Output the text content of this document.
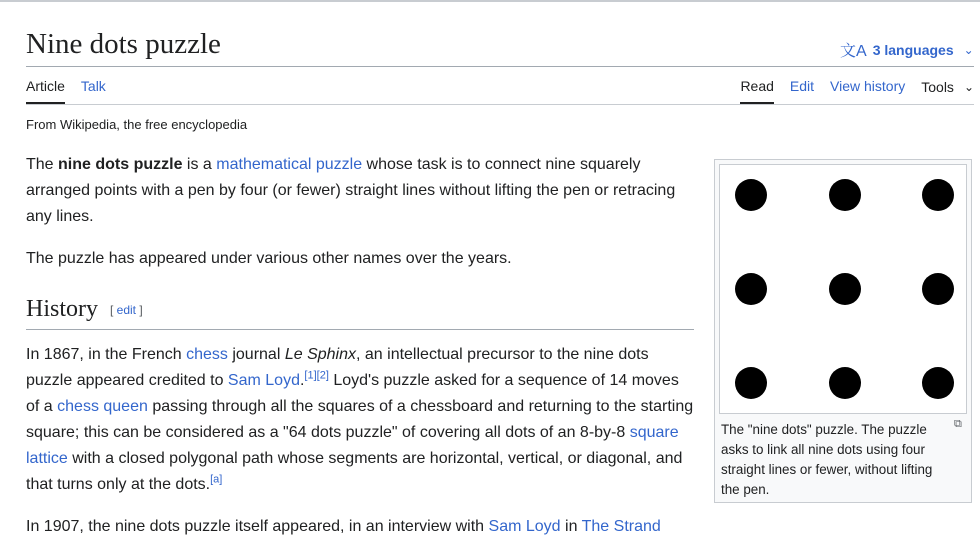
Nine dots puzzle	文A 3 languages ⌄
Article Talk	Read Edit View history Tools ⌄
From Wikipedia, the free encyclopedia

The nine dots puzzle is a mathematical puzzle whose task is to connect nine squarely arranged points with a pen by four (or fewer) straight lines without lifting the pen or retracing any lines.

The puzzle has appeared under various other names over the years.

History [ edit ]

In 1867, in the French chess journal Le Sphinx, an intellectual precursor to the nine dots puzzle appeared credited to Sam Loyd.[1][2] Loyd's puzzle asked for a sequence of 14 moves of a chess queen passing through all the squares of a chessboard and returning to the starting square; this can be considered as a "64 dots puzzle" of covering all dots of an 8-by-8 square lattice with a closed polygonal path whose segments are horizontal, vertical, or diagonal, and that turns only at the dots.[a]

In 1907, the nine dots puzzle itself appeared, in an interview with Sam Loyd in The Strand

⧉
The "nine dots" puzzle. The puzzle asks to link all nine dots using four straight lines or fewer, without lifting the pen.
